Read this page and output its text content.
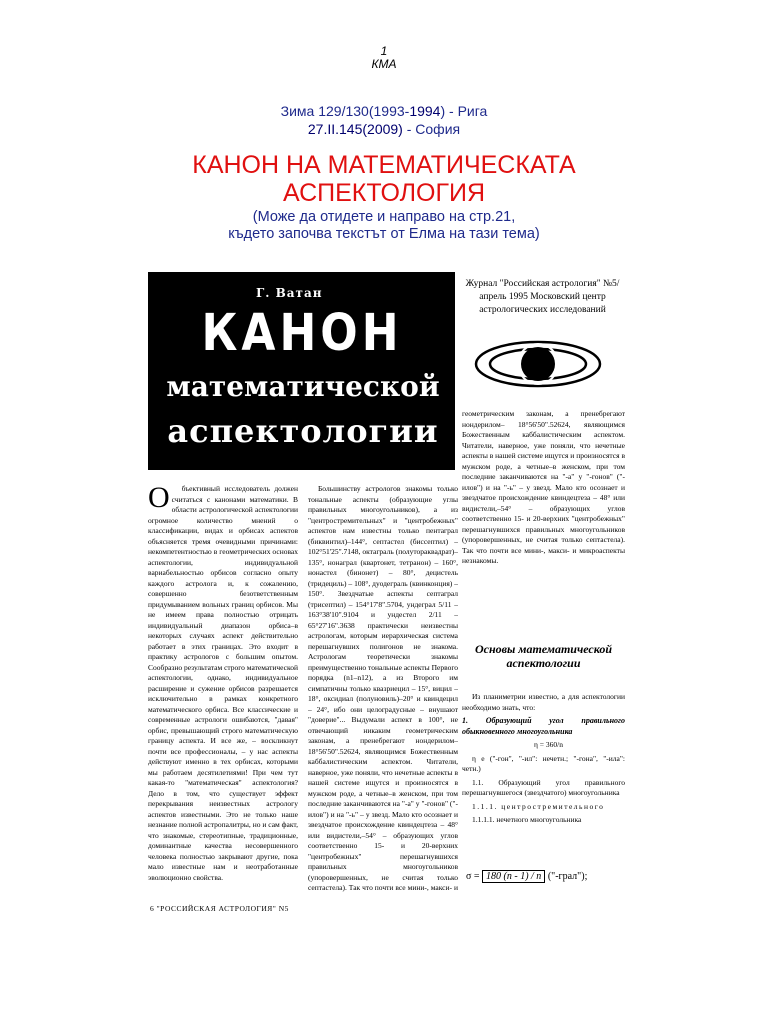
1
КМА
Зима 129/130(1993-1994) - Рига
27.II.145(2009) - София
КАНОН НА МАТЕМАТИЧЕСКАТА
АСПЕКТОЛОГИЯ
(Може да отидете и направо на стр.21,
където започва текстът от Елма на тази тема)
Г. Ватан
КАНОН
математической
аспектологии
Журнал "Российская астрология" №5/апрель 1995 Московский центр астрологических исследований

О бъективный исследователь должен считаться с канонами математики. В области астрологической аспектологии огромное количество мнений о классификации, видах и орбисах аспектов объясняется тремя очевидными причинами: некомпетентностью в геометрических основах аспектологии, индивидуальной вариабельностью орбисов согласно опыту каждого астролога и, к сожалению, совершенно безответственным придумыванием вольных границ орбисов. Мы не имеем права полностью отрицать индивидуальный диапазон орбиса–в некоторых случаях аспект действительно работает в этих границах. Это входит в практику астрологов с большим опытом. Сообразно результатам строго математической аспектологии, однако, индивидуальное расширение и сужение орбисов разрешается исключительно в рамках конкретного математического орбиса. Все классические и современные астрологи ошибаются, "давая" орбис, превышающий строго математическую границу аспекта. И все же, – воскликнут почти все профессионалы, – у нас аспекты действуют именно в тех орбисах, которыми мы работаем десятилетиями! При чем тут какая-то "математическая" аспектология? Дело в том, что существует эффект перекрывания неизвестных астрологу аспектов известными. Это не только наше незнание полной астропалитры, но и сам факт, что знакомые, стереотипные, традиционные, доминантные качества несовершенного человека полностью закрывают другие, пока мало известные нам и неотработанные эволюционно свойства.

Большинству астрологов знакомы только тональные аспекты (образующие углы правильных многоугольников), а из "центростремительных" и "центробежных" аспектов нам известны только пентаграл (биквинтил)–144°, септастел (биссептил) – 102°51'25".7148, октаграль (полутораквадрат)–135°, нонаграл (квартонет, тетранон) – 160°, нонастел (бинонет) – 80°, децистель (тридециль) – 108°, дуодеграль (квинконция) – 150°. Звездчатые аспекты септаграл (трисептил) – 154°17'8".5704, ундеграл 5/11 – 163°38'10".9104 и ундестел 2/11 – 65°27'16".3638 практически неизвестны астрологам, которым иерархическая система перешагнувших полигонов не знакома. Астрологам теоретически знакомы преимущественно тональные аспекты Первого порядка (n1–n12), а из Второго им симпатичны только квазриецил – 15°, вицил – 18°, оксидиал (полуновиль)–20° и квиндецил – 24°, ибо они целоградусные – внушают "доверие"... Выдумали аспект в 100°, не отвечающий никаким геометрическим законам, а пренебрегают нондерилом– 18°56'50".52624, являющимся Божественным каббалистическим аспектом. Читатели, наверное, уже поняли, что нечетные аспекты в нашей системе ищутся и произносятся в мужском роде, а четные–в женском, при том последние заканчиваются на "-а" у "-гонов" ("-илов") и на "-ь" – у звезд. Мало кто осознает и звездчатое происхождение квиндецтеза – 48° или видистели,–54° – образующих углов соответственно 15- и 20-верхних "центробежных" перешагнувшихся правильных многоугольников (упоровершенных, не считая только септастела). Так что почти все мини-, макси- и

геометрическим законам, а пренебрегают нондерилом– 18°56'50".52624, являющимся Божественным каббалистическим аспектом. Читатели, наверное, уже поняли, что нечетные аспекты в нашей системе ищутся и произносятся в мужском роде, а четные–в женском, при том последние заканчиваются на "-а" у "-гонов" ("-илов") и на "-ь" – у звезд. Мало кто осознает и звездчатое происхождение квиндецтеза – 48° или видистели,–54° – образующих углов соответственно 15- и 20-верхних "центробежных" перешагнувшихся правильных многоугольников (упоровершенных, не считая только септастела). Так что почти все мини-, макси- и микроаспекты незнакомы.

Основы математической аспектологии

Из планиметрии известно, а для аспектологии необходимо знать, что:

1. Образующий угол правильного обыкновенного многоугольника

η = 360/n

η е ("-гон", "-ил": нечетн.; "-гона", "-ила": четн.)

1.1. Образующий угол правильного перешагнувшегося (звездчатого) многоугольника

1.1.1. центростремительного

1.1.1.1. нечетного многоугольника

σ = 180 (n - 1) / n ("-грал");
6 "РОССИЙСКАЯ АСТРОЛОГИЯ" N5
